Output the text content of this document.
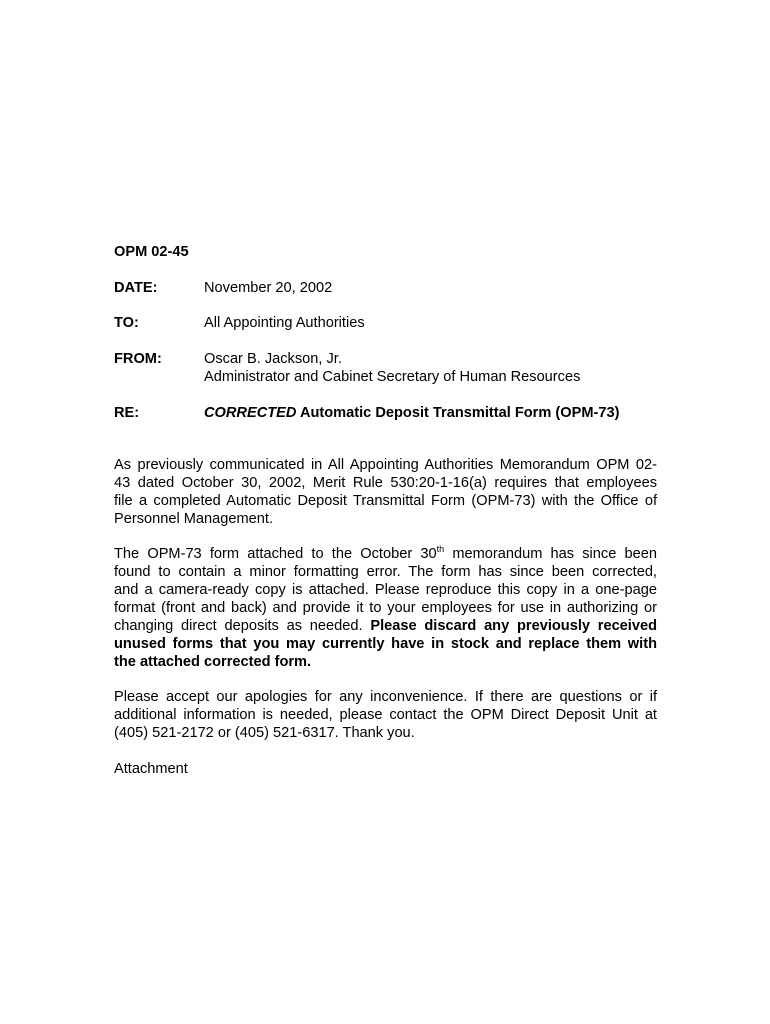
OPM 02-45
DATE:	November 20, 2002
TO:	All Appointing Authorities
FROM:	Oscar B. Jackson, Jr.
Administrator and Cabinet Secretary of Human Resources
RE:	CORRECTED Automatic Deposit Transmittal Form (OPM-73)
As previously communicated in All Appointing Authorities Memorandum OPM 02-
43 dated October 30, 2002, Merit Rule 530:20-1-16(a) requires that employees
file a completed Automatic Deposit Transmittal Form (OPM-73) with the Office of
Personnel Management.
The OPM-73 form attached to the October 30th memorandum has since been
found to contain a minor formatting error. The form has since been corrected,
and a camera-ready copy is attached. Please reproduce this copy in a one-page
format (front and back) and provide it to your employees for use in authorizing or
changing direct deposits as needed. Please discard any previously received
unused forms that you may currently have in stock and replace them with
the attached corrected form.
Please accept our apologies for any inconvenience. If there are questions or if
additional information is needed, please contact the OPM Direct Deposit Unit at
(405) 521-2172 or (405) 521-6317. Thank you.
Attachment
